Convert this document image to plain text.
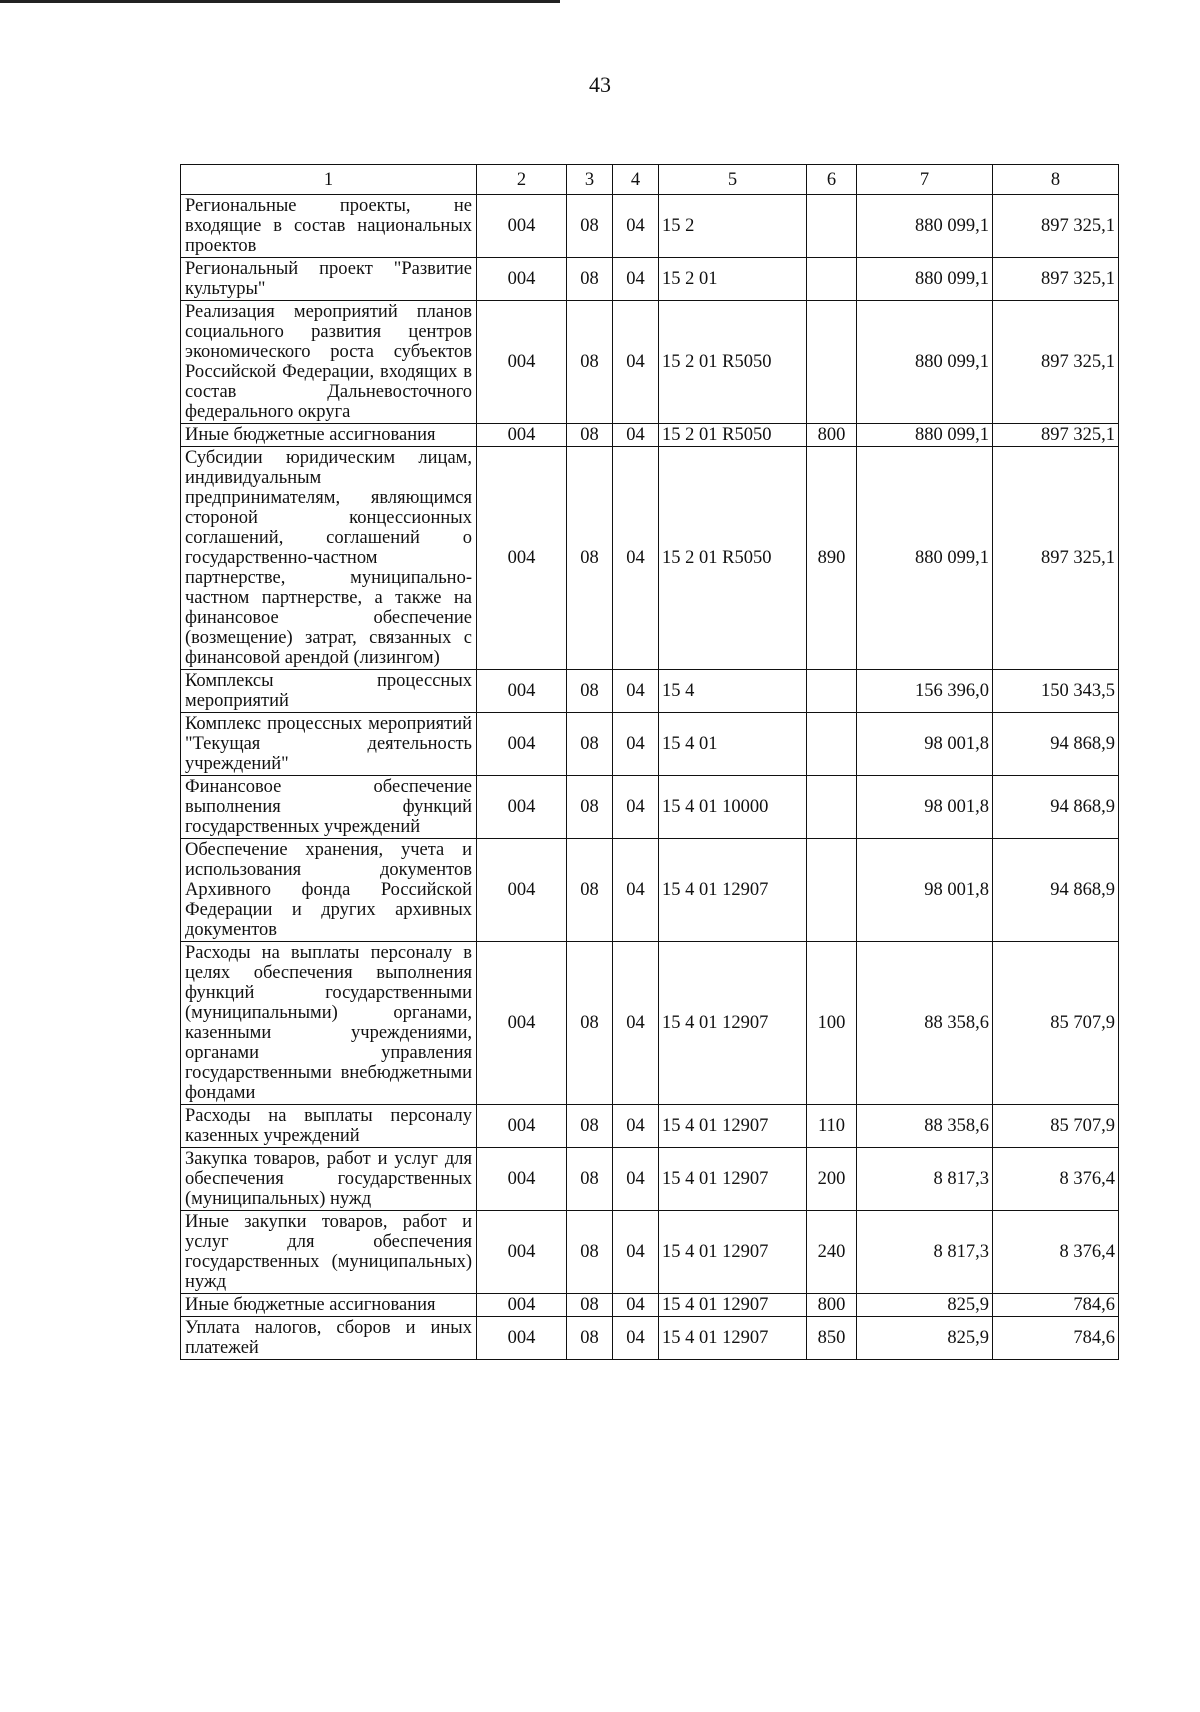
43
1	2	3	4	5	6	7	8
Региональные проекты, не входящие в состав национальных проектов	004	08	04	15 2		880 099,1	897 325,1
Региональный проект "Развитие культуры"	004	08	04	15 2 01		880 099,1	897 325,1
Реализация мероприятий планов социального развития центров экономического роста субъектов Российской Федерации, входящих в состав Дальневосточного федерального округа	004	08	04	15 2 01 R5050		880 099,1	897 325,1
Иные бюджетные ассигнования	004	08	04	15 2 01 R5050	800	880 099,1	897 325,1
Субсидии юридическим лицам, индивидуальным предпринимателям, являющимся стороной концессионных соглашений, соглашений о государственно-частном партнерстве, муниципально-частном партнерстве, а также на финансовое обеспечение (возмещение) затрат, связанных с финансовой арендой (лизингом)	004	08	04	15 2 01 R5050	890	880 099,1	897 325,1
Комплексы процессных мероприятий	004	08	04	15 4		156 396,0	150 343,5
Комплекс процессных мероприятий "Текущая деятельность учреждений"	004	08	04	15 4 01		98 001,8	94 868,9
Финансовое обеспечение выполнения функций государственных учреждений	004	08	04	15 4 01 10000		98 001,8	94 868,9
Обеспечение хранения, учета и использования документов Архивного фонда Российской Федерации и других архивных документов	004	08	04	15 4 01 12907		98 001,8	94 868,9
Расходы на выплаты персоналу в целях обеспечения выполнения функций государственными (муниципальными) органами, казенными учреждениями, органами управления государственными внебюджетными фондами	004	08	04	15 4 01 12907	100	88 358,6	85 707,9
Расходы на выплаты персоналу казенных учреждений	004	08	04	15 4 01 12907	110	88 358,6	85 707,9
Закупка товаров, работ и услуг для обеспечения государственных (муниципальных) нужд	004	08	04	15 4 01 12907	200	8 817,3	8 376,4
Иные закупки товаров, работ и услуг для обеспечения государственных (муниципальных) нужд	004	08	04	15 4 01 12907	240	8 817,3	8 376,4
Иные бюджетные ассигнования	004	08	04	15 4 01 12907	800	825,9	784,6
Уплата налогов, сборов и иных платежей	004	08	04	15 4 01 12907	850	825,9	784,6
